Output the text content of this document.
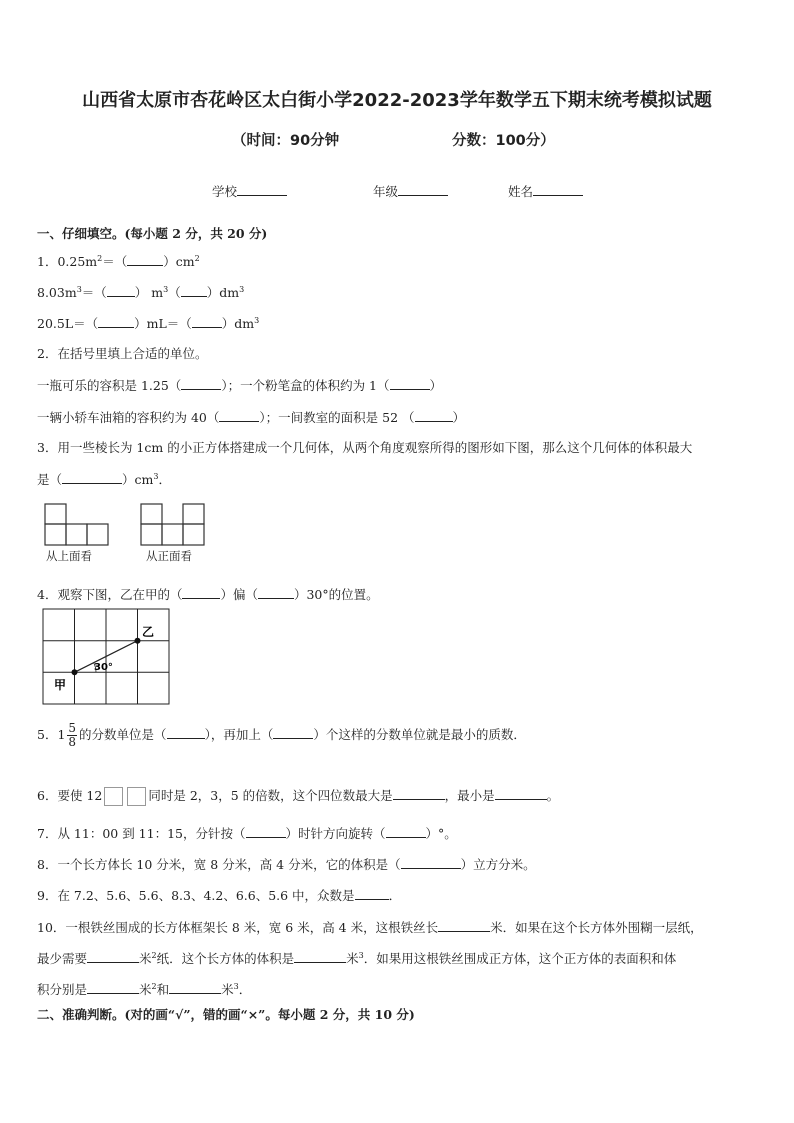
山西省太原市杏花岭区太白街小学2022-2023学年数学五下期末统考模拟试题
（时间：90分钟	分数：100分）
学校	年级	姓名
一、仔细填空。(每小题 2 分，共 20 分)
1．$0.25m^2=$（	）$cm^2$
$8.03m^3=$（ ） $m^3$（ ）$dm^3$
20.5L＝（	）mL＝（ ）$dm^3$
2．在括号里填上合适的单位。
一瓶可乐的容积是 1.25（	）；一个粉笔盒的体积约为 1（	）
一辆小轿车油箱的容积约为 40（	）；一间教室的面积是 52 （	）
3．用一些棱长为 1cm 的小正方体搭建成一个几何体，从两个角度观察所得的图形如下图，那么这个几何体的体积最大
是（	）$cm^3$．
从上面看	从正面看
4．观察下图，乙在甲的（	）偏（	）30°的位置。
甲
乙
30°
5．$1 \frac{5}{8}$ 的分数单位是（	），再加上（	）个这样的分数单位就是最小的质数．
6．要使 12	同时是 2，3，5 的倍数，这个四位数最大是	，最小是	。
7．从 11：00 到 11：15，分针按（	）时针方向旋转（	）°。
8．一个长方体长 10 分米，宽 8 分米，高 4 分米，它的体积是（	）立方分米。
9．在 7.2、5.6、5.6、8.3、4.2、6.6、5.6 中，众数是	．
10．一根铁丝围成的长方体框架长 8 米，宽 6 米，高 4 米，这根铁丝长	米．如果在这个长方体外围糊一层纸，
最少需要	米$^2$纸．这个长方体的体积是	米$^3$．如果用这根铁丝围成正方体，这个正方体的表面积和体
积分别是	米$^2$和	米$^3$．
二、准确判断。(对的画“√”，错的画“×”。每小题 2 分，共 10 分)
